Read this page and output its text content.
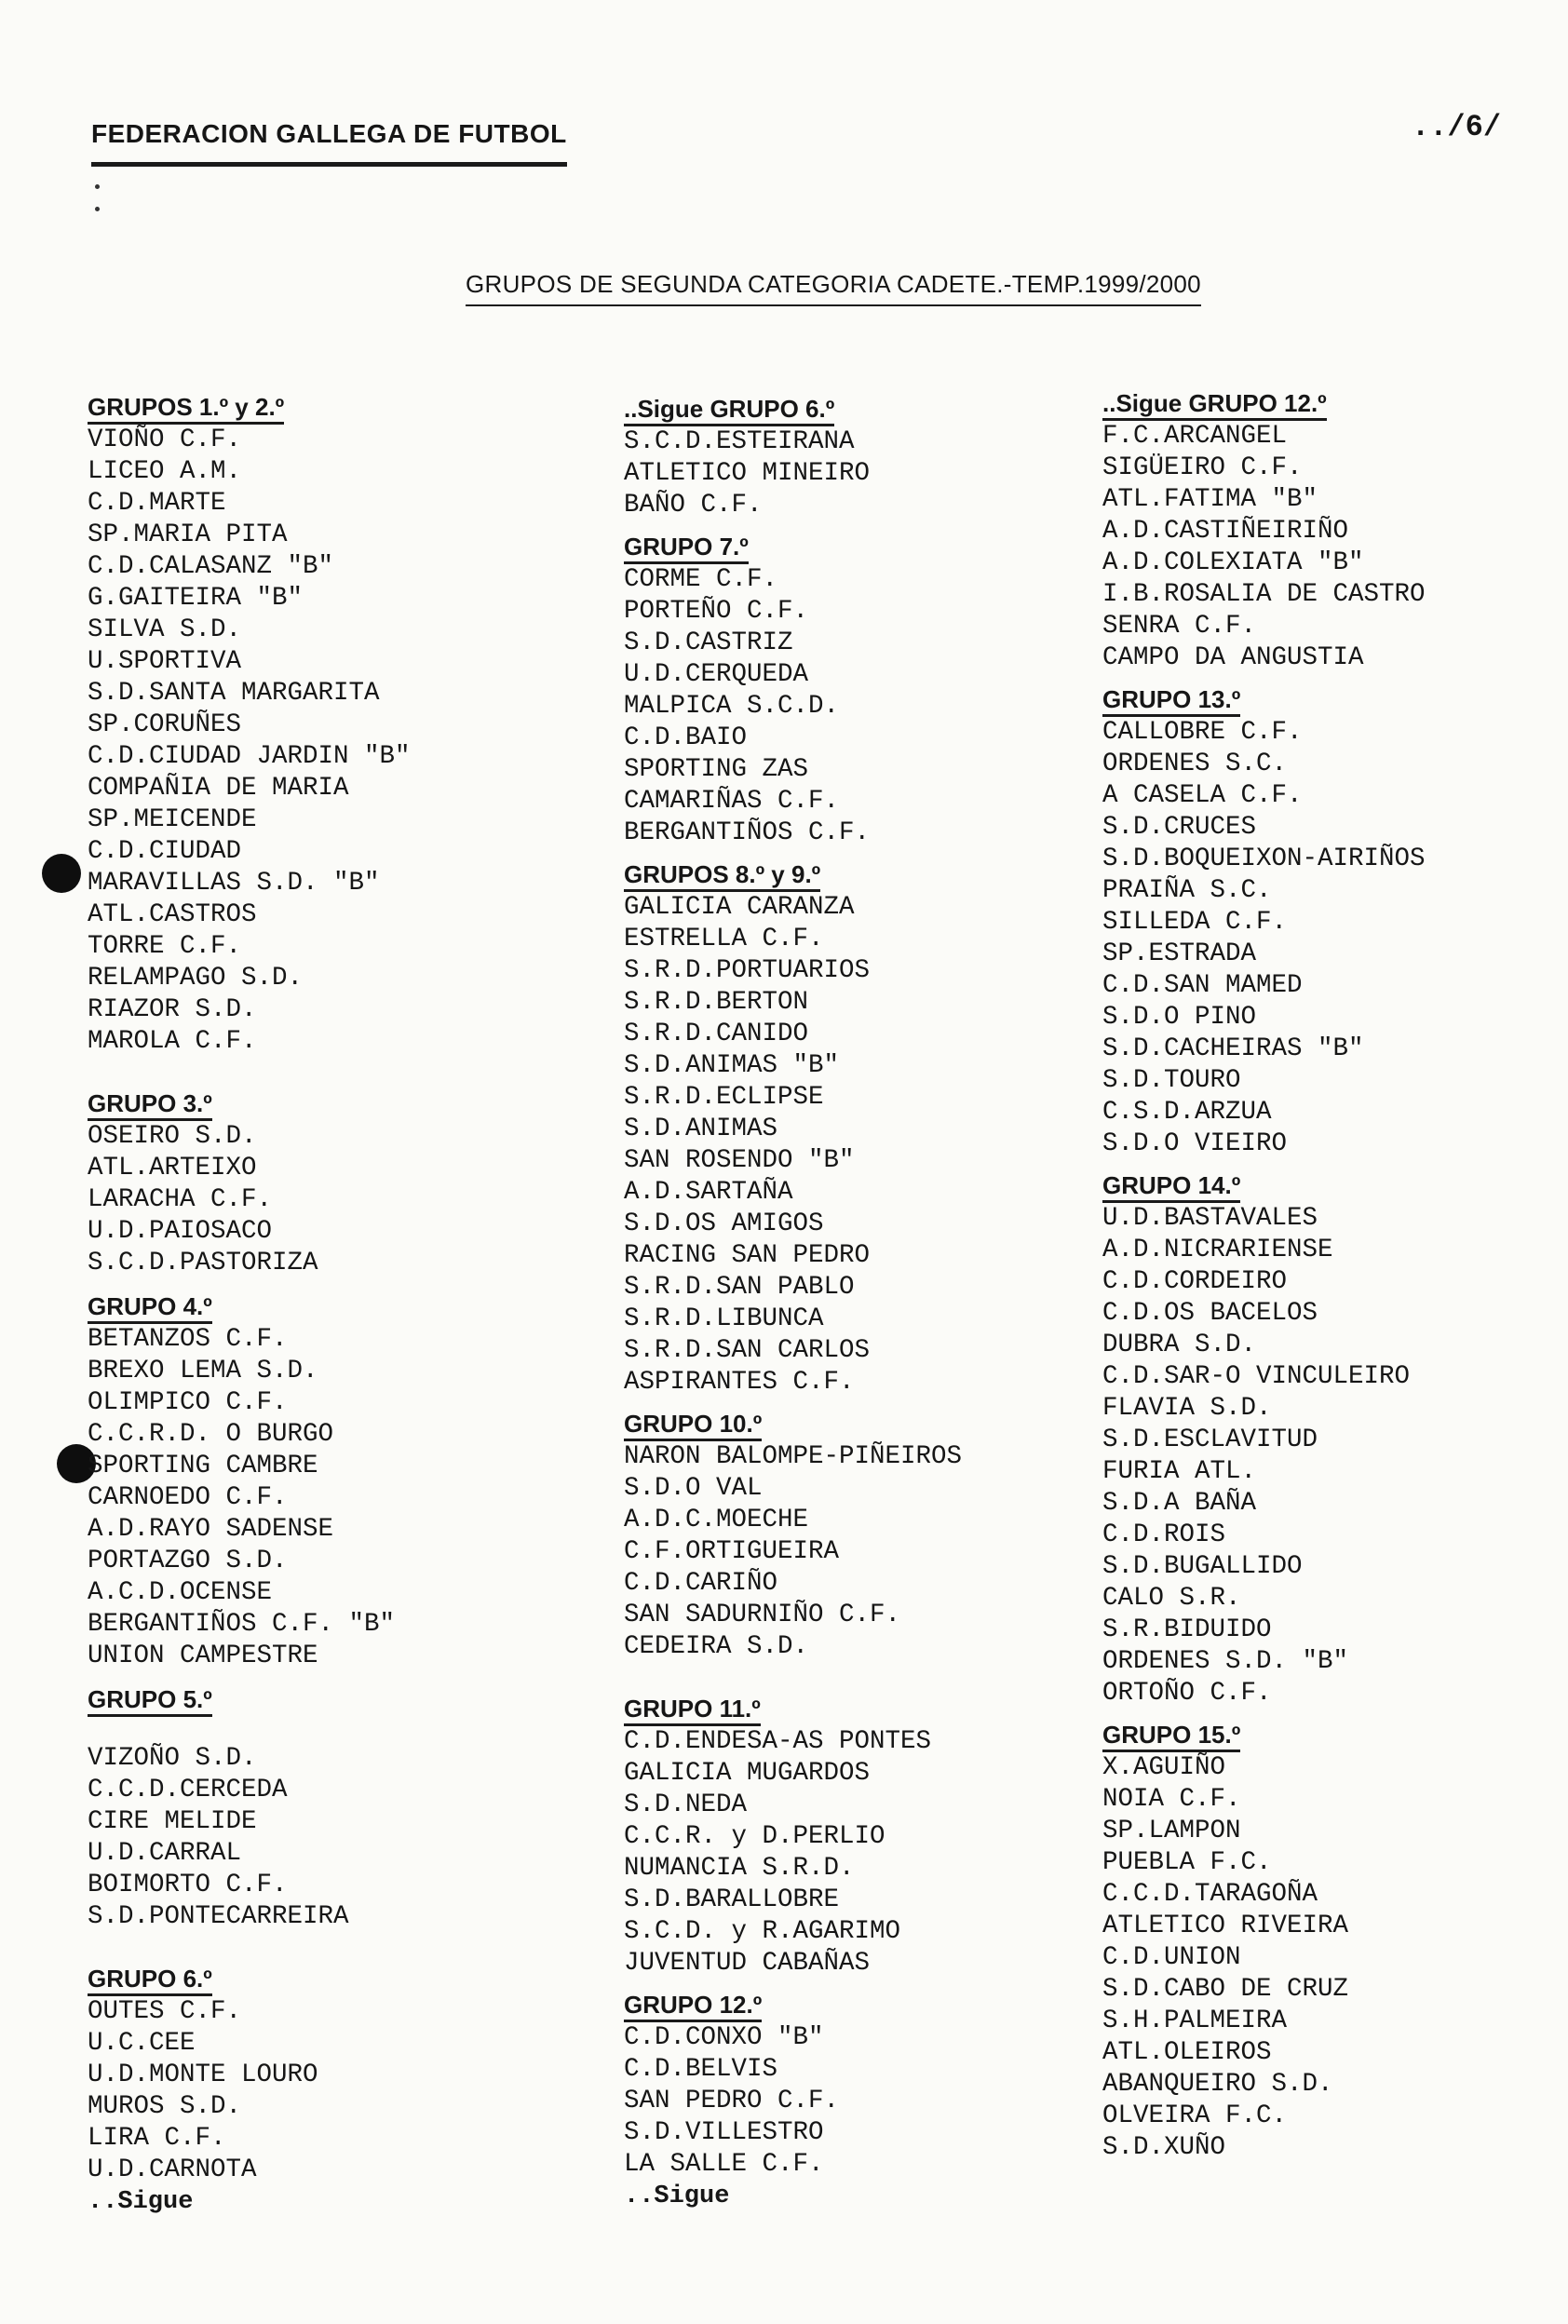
FEDERACION GALLEGA DE FUTBOL	../6/
GRUPOS DE SEGUNDA CATEGORIA CADETE.-TEMP.1999/2000
GRUPOS 1.º y 2.º
VIOÑO C.F.
LICEO A.M.
C.D.MARTE
SP.MARIA PITA
C.D.CALASANZ "B"
G.GAITEIRA "B"
SILVA S.D.
U.SPORTIVA
S.D.SANTA MARGARITA
SP.CORUÑES
C.D.CIUDAD JARDIN "B"
COMPAÑIA DE MARIA
SP.MEICENDE
C.D.CIUDAD
MARAVILLAS S.D. "B"
ATL.CASTROS
TORRE C.F.
RELAMPAGO S.D.
RIAZOR S.D.
MAROLA C.F.
GRUPO 3.º
OSEIRO S.D.
ATL.ARTEIXO
LARACHA C.F.
U.D.PAIOSACO
S.C.D.PASTORIZA
GRUPO 4.º
BETANZOS C.F.
BREXO LEMA S.D.
OLIMPICO C.F.
C.C.R.D. O BURGO
SPORTING CAMBRE
CARNOEDO C.F.
A.D.RAYO SADENSE
PORTAZGO S.D.
A.C.D.OCENSE
BERGANTIÑOS C.F. "B"
UNION CAMPESTRE
GRUPO 5.º
VIZOÑO S.D.
C.C.D.CERCEDA
CIRE MELIDE
U.D.CARRAL
BOIMORTO C.F.
S.D.PONTECARREIRA
GRUPO 6.º
OUTES C.F.
U.C.CEE
U.D.MONTE LOURO
MUROS S.D.
LIRA C.F.
U.D.CARNOTA
..Sigue
..Sigue GRUPO 6.º
S.C.D.ESTEIRANA
ATLETICO MINEIRO
BAÑO C.F.
GRUPO 7.º
CORME C.F.
PORTEÑO C.F.
S.D.CASTRIZ
U.D.CERQUEDA
MALPICA S.C.D.
C.D.BAIO
SPORTING ZAS
CAMARIÑAS C.F.
BERGANTIÑOS C.F.
GRUPOS 8.º y 9.º
GALICIA CARANZA
ESTRELLA C.F.
S.R.D.PORTUARIOS
S.R.D.BERTON
S.R.D.CANIDO
S.D.ANIMAS "B"
S.R.D.ECLIPSE
S.D.ANIMAS
SAN ROSENDO "B"
A.D.SARTAÑA
S.D.OS AMIGOS
RACING SAN PEDRO
S.R.D.SAN PABLO
S.R.D.LIBUNCA
S.R.D.SAN CARLOS
ASPIRANTES C.F.
GRUPO 10.º
NARON BALOMPE-PIÑEIROS
S.D.O VAL
A.D.C.MOECHE
C.F.ORTIGUEIRA
C.D.CARIÑO
SAN SADURNIÑO C.F.
CEDEIRA S.D.
GRUPO 11.º
C.D.ENDESA-AS PONTES
GALICIA MUGARDOS
S.D.NEDA
C.C.R. y D.PERLIO
NUMANCIA S.R.D.
S.D.BARALLOBRE
S.C.D. y R.AGARIMO
JUVENTUD CABAÑAS
GRUPO 12.º
C.D.CONXO "B"
C.D.BELVIS
SAN PEDRO C.F.
S.D.VILLESTRO
LA SALLE C.F.
..Sigue
..Sigue GRUPO 12.º
F.C.ARCANGEL
SIGÜEIRO C.F.
ATL.FATIMA "B"
A.D.CASTIÑEIRIÑO
A.D.COLEXIATA "B"
I.B.ROSALIA DE CASTRO
SENRA C.F.
CAMPO DA ANGUSTIA
GRUPO 13.º
CALLOBRE C.F.
ORDENES S.C.
A CASELA C.F.
S.D.CRUCES
S.D.BOQUEIXON-AIRIÑOS
PRAIÑA S.C.
SILLEDA C.F.
SP.ESTRADA
C.D.SAN MAMED
S.D.O PINO
S.D.CACHEIRAS "B"
S.D.TOURO
C.S.D.ARZUA
S.D.O VIEIRO
GRUPO 14.º
U.D.BASTAVALES
A.D.NICRARIENSE
C.D.CORDEIRO
C.D.OS BACELOS
DUBRA S.D.
C.D.SAR-O VINCULEIRO
FLAVIA S.D.
S.D.ESCLAVITUD
FURIA ATL.
S.D.A BAÑA
C.D.ROIS
S.D.BUGALLIDO
CALO S.R.
S.R.BIDUIDO
ORDENES S.D. "B"
ORTOÑO C.F.
GRUPO 15.º
X.AGUIÑO
NOIA C.F.
SP.LAMPON
PUEBLA F.C.
C.C.D.TARAGOÑA
ATLETICO RIVEIRA
C.D.UNION
S.D.CABO DE CRUZ
S.H.PALMEIRA
ATL.OLEIROS
ABANQUEIRO S.D.
OLVEIRA F.C.
S.D.XUÑO
